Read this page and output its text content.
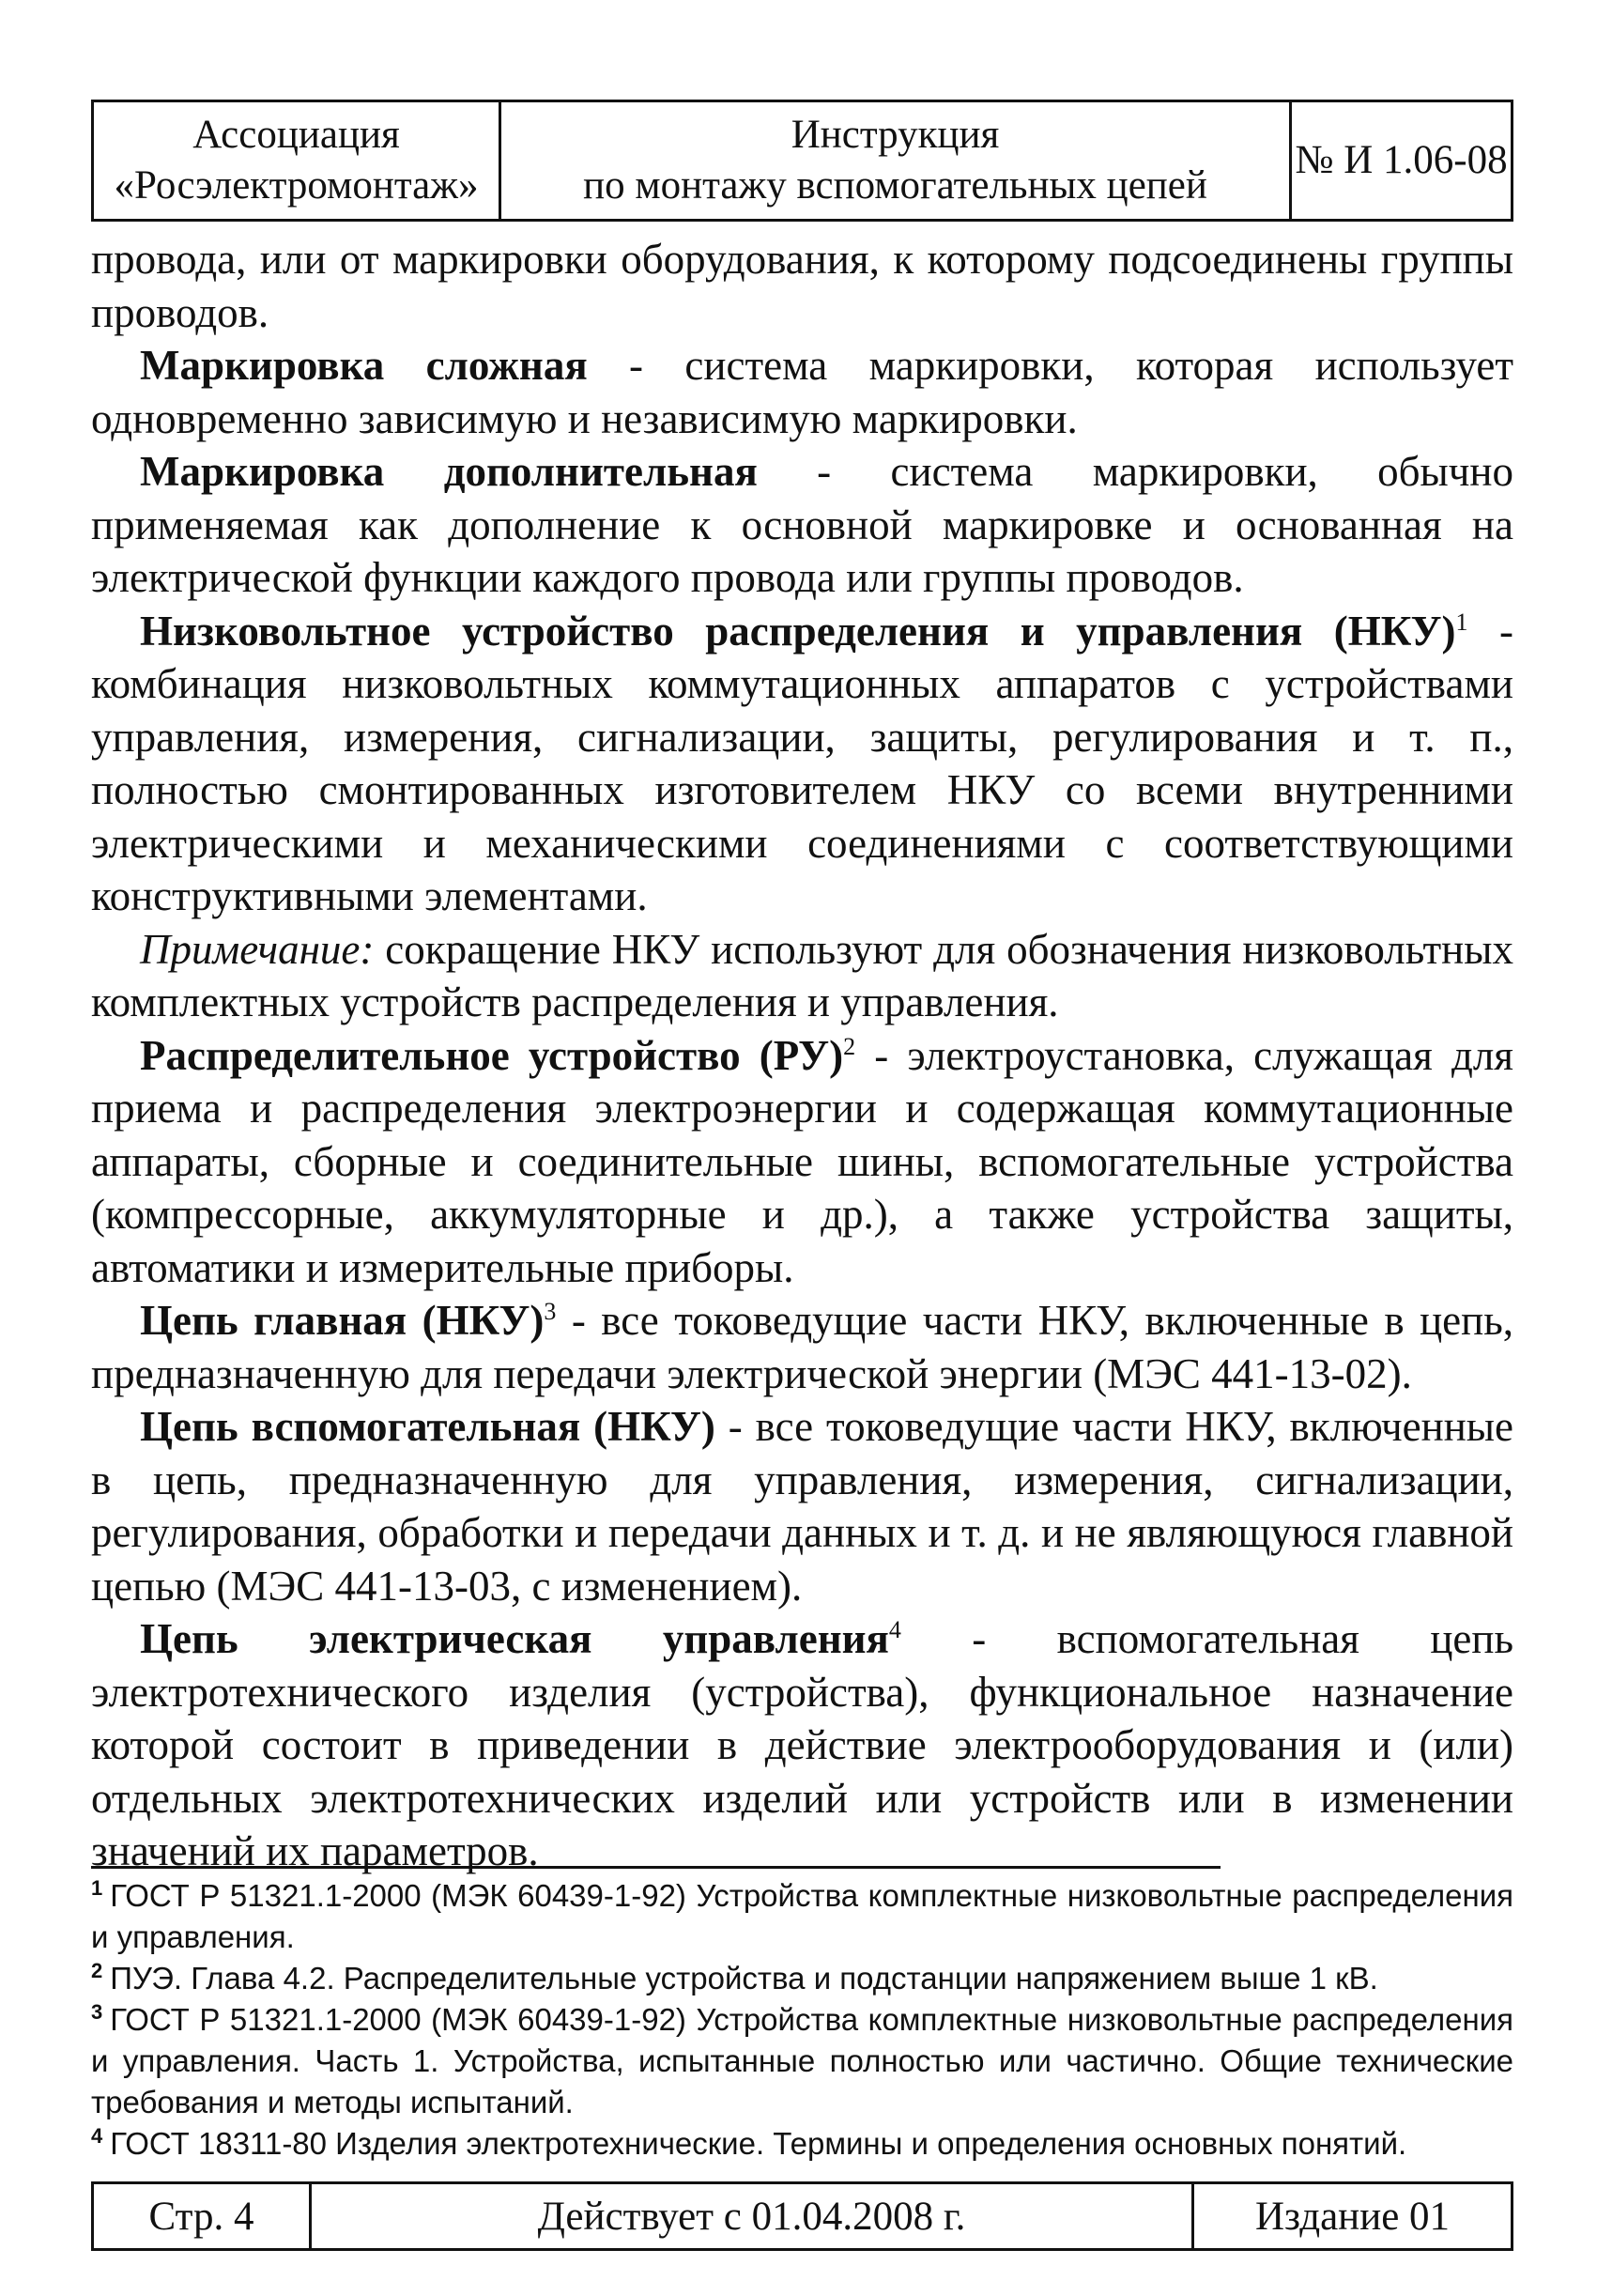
Ассоциация
«Росэлектромонтаж»
Инструкция
по монтажу вспомогательных цепей
№ И 1.06-08

провода, или от маркировки оборудования, к которому подсоединены группы проводов.

Маркировка сложная - система маркировки, которая использует одновременно зависимую и независимую маркировки.

Маркировка дополнительная - система маркировки, обычно применяемая как дополнение к основной маркировке и основанная на электрической функции каждого провода или группы проводов.

Низковольтное устройство распределения и управления (НКУ)$^1$ - комбинация низковольтных коммутационных аппаратов с устройствами управления, измерения, сигнализации, защиты, регулирования и т. п., полностью смонтированных изготовителем НКУ со всеми внутренними электрическими и механическими соединениями с соответствующими конструктивными элементами.

Примечание: сокращение НКУ используют для обозначения низковольтных комплектных устройств распределения и управления.

Распределительное устройство (РУ)$^2$ - электроустановка, служащая для приема и распределения электроэнергии и содержащая коммутационные аппараты, сборные и соединительные шины, вспомогательные устройства (компрессорные, аккумуляторные и др.), а также устройства защиты, автоматики и измерительные приборы.

Цепь главная (НКУ)$^3$ - все токоведущие части НКУ, включенные в цепь, предназначенную для передачи электрической энергии (МЭС 441-13-02).

Цепь вспомогательная (НКУ) - все токоведущие части НКУ, включенные в цепь, предназначенную для управления, измерения, сигнализации, регулирования, обработки и передачи данных и т. д. и не являющуюся главной цепью (МЭС 441-13-03, с изменением).

Цепь электрическая управления$^4$ - вспомогательная цепь электротехнического изделия (устройства), функциональное назначение которой состоит в приведении в действие электрооборудования и (или) отдельных электротехнических изделий или устройств или в изменении значений их параметров.

$^1$ ГОСТ Р 51321.1-2000 (МЭК 60439-1-92) Устройства комплектные низковольтные распределения и управления.

$^2$ ПУЭ. Глава 4.2. Распределительные устройства и подстанции напряжением выше 1 кВ.

$^3$ ГОСТ Р 51321.1-2000 (МЭК 60439-1-92) Устройства комплектные низковольтные распределения и управления. Часть 1. Устройства, испытанные полностью или частично. Общие технические требования и методы испытаний.

$^4$ ГОСТ 18311-80 Изделия электротехнические. Термины и определения основных понятий.

Стр. 4	Действует с 01.04.2008 г.	Издание 01
